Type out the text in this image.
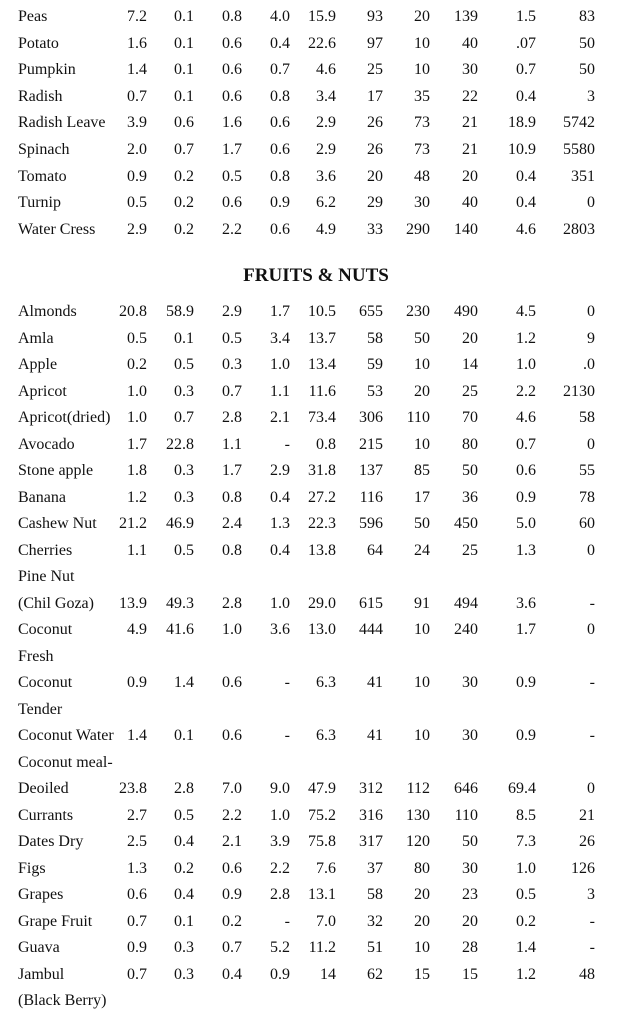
Peas	7.2 0.1 0.8 4.0 15.9 93 20 139 1.5	83
Potato	1.6 0.1 0.6 0.4 22.6 97 10 40 .07	50
Pumpkin	1.4 0.1 0.6 0.7 4.6 25 10 30 0.7	50
Radish	0.7 0.1 0.6 0.8 3.4 17 35 22 0.4	3
Radish Leave 3.9 0.6 1.6 0.6 2.9 26 73 21 18.9 5742
Spinach	2.0 0.7 1.7 0.6 2.9 26 73 21 10.9 5580
Tomato	0.9 0.2 0.5 0.8 3.6 20 48 20 0.4 351
Turnip	0.5 0.2 0.6 0.9 6.2 29 30 40 0.4	0
Water Cress 2.9 0.2 2.2 0.6 4.9 33 290 140 4.6 2803
FRUITS & NUTS
Almonds	20.8 58.9 2.9 1.7 10.5 655 230 490 4.5	0
Amla	0.5 0.1 0.5 3.4 13.7 58 50 20 1.2	9
Apple	0.2 0.5 0.3 1.0 13.4 59 10 14 1.0	.0
Apricot	1.0 0.3 0.7 1.1 11.6 53 20 25 2.2 2130
Apricot(dried) 1.0 0.7 2.8 2.1 73.4 306 110 70 4.6	58
Avocado	1.7 22.8 1.1	- 0.8 215 10 80 0.7	0
Stone apple 1.8 0.3 1.7 2.9 31.8 137 85 50 0.6	55
Banana	1.2 0.3 0.8 0.4 27.2 116 17 36 0.9	78
Cashew Nut 21.2 46.9 2.4 1.3 22.3 596 50 450 5.0	60
Cherries	1.1 0.5 0.8 0.4 13.8 64 24 25 1.3	0
Pine Nut
(Chil Goza) 13.9 49.3 2.8 1.0 29.0 615 91 494 3.6	-
Coconut	4.9 41.6 1.0 3.6 13.0 444 10 240 1.7	0
Fresh
Coconut	0.9 1.4 0.6	- 6.3 41 10 30 0.9	-
Tender
Coconut Water 1.4 0.1 0.6	- 6.3 41 10 30 0.9	-
Coconut meal-
Deoiled	23.8 2.8 7.0 9.0 47.9 312 112 646 69.4	0
Currants	2.7 0.5 2.2 1.0 75.2 316 130 110 8.5	21
Dates Dry	2.5 0.4 2.1 3.9 75.8 317 120 50 7.3	26
Figs	1.3 0.2 0.6 2.2 7.6 37 80 30 1.0 126
Grapes	0.6 0.4 0.9 2.8 13.1 58 20 23 0.5	3
Grape Fruit 0.7 0.1 0.2	- 7.0 32 20 20 0.2	-
Guava	0.9 0.3 0.7 5.2 11.2 51 10 28 1.4	-
Jambul	0.7 0.3 0.4 0.9 14 62 15 15 1.2	48
(Black Berry)
